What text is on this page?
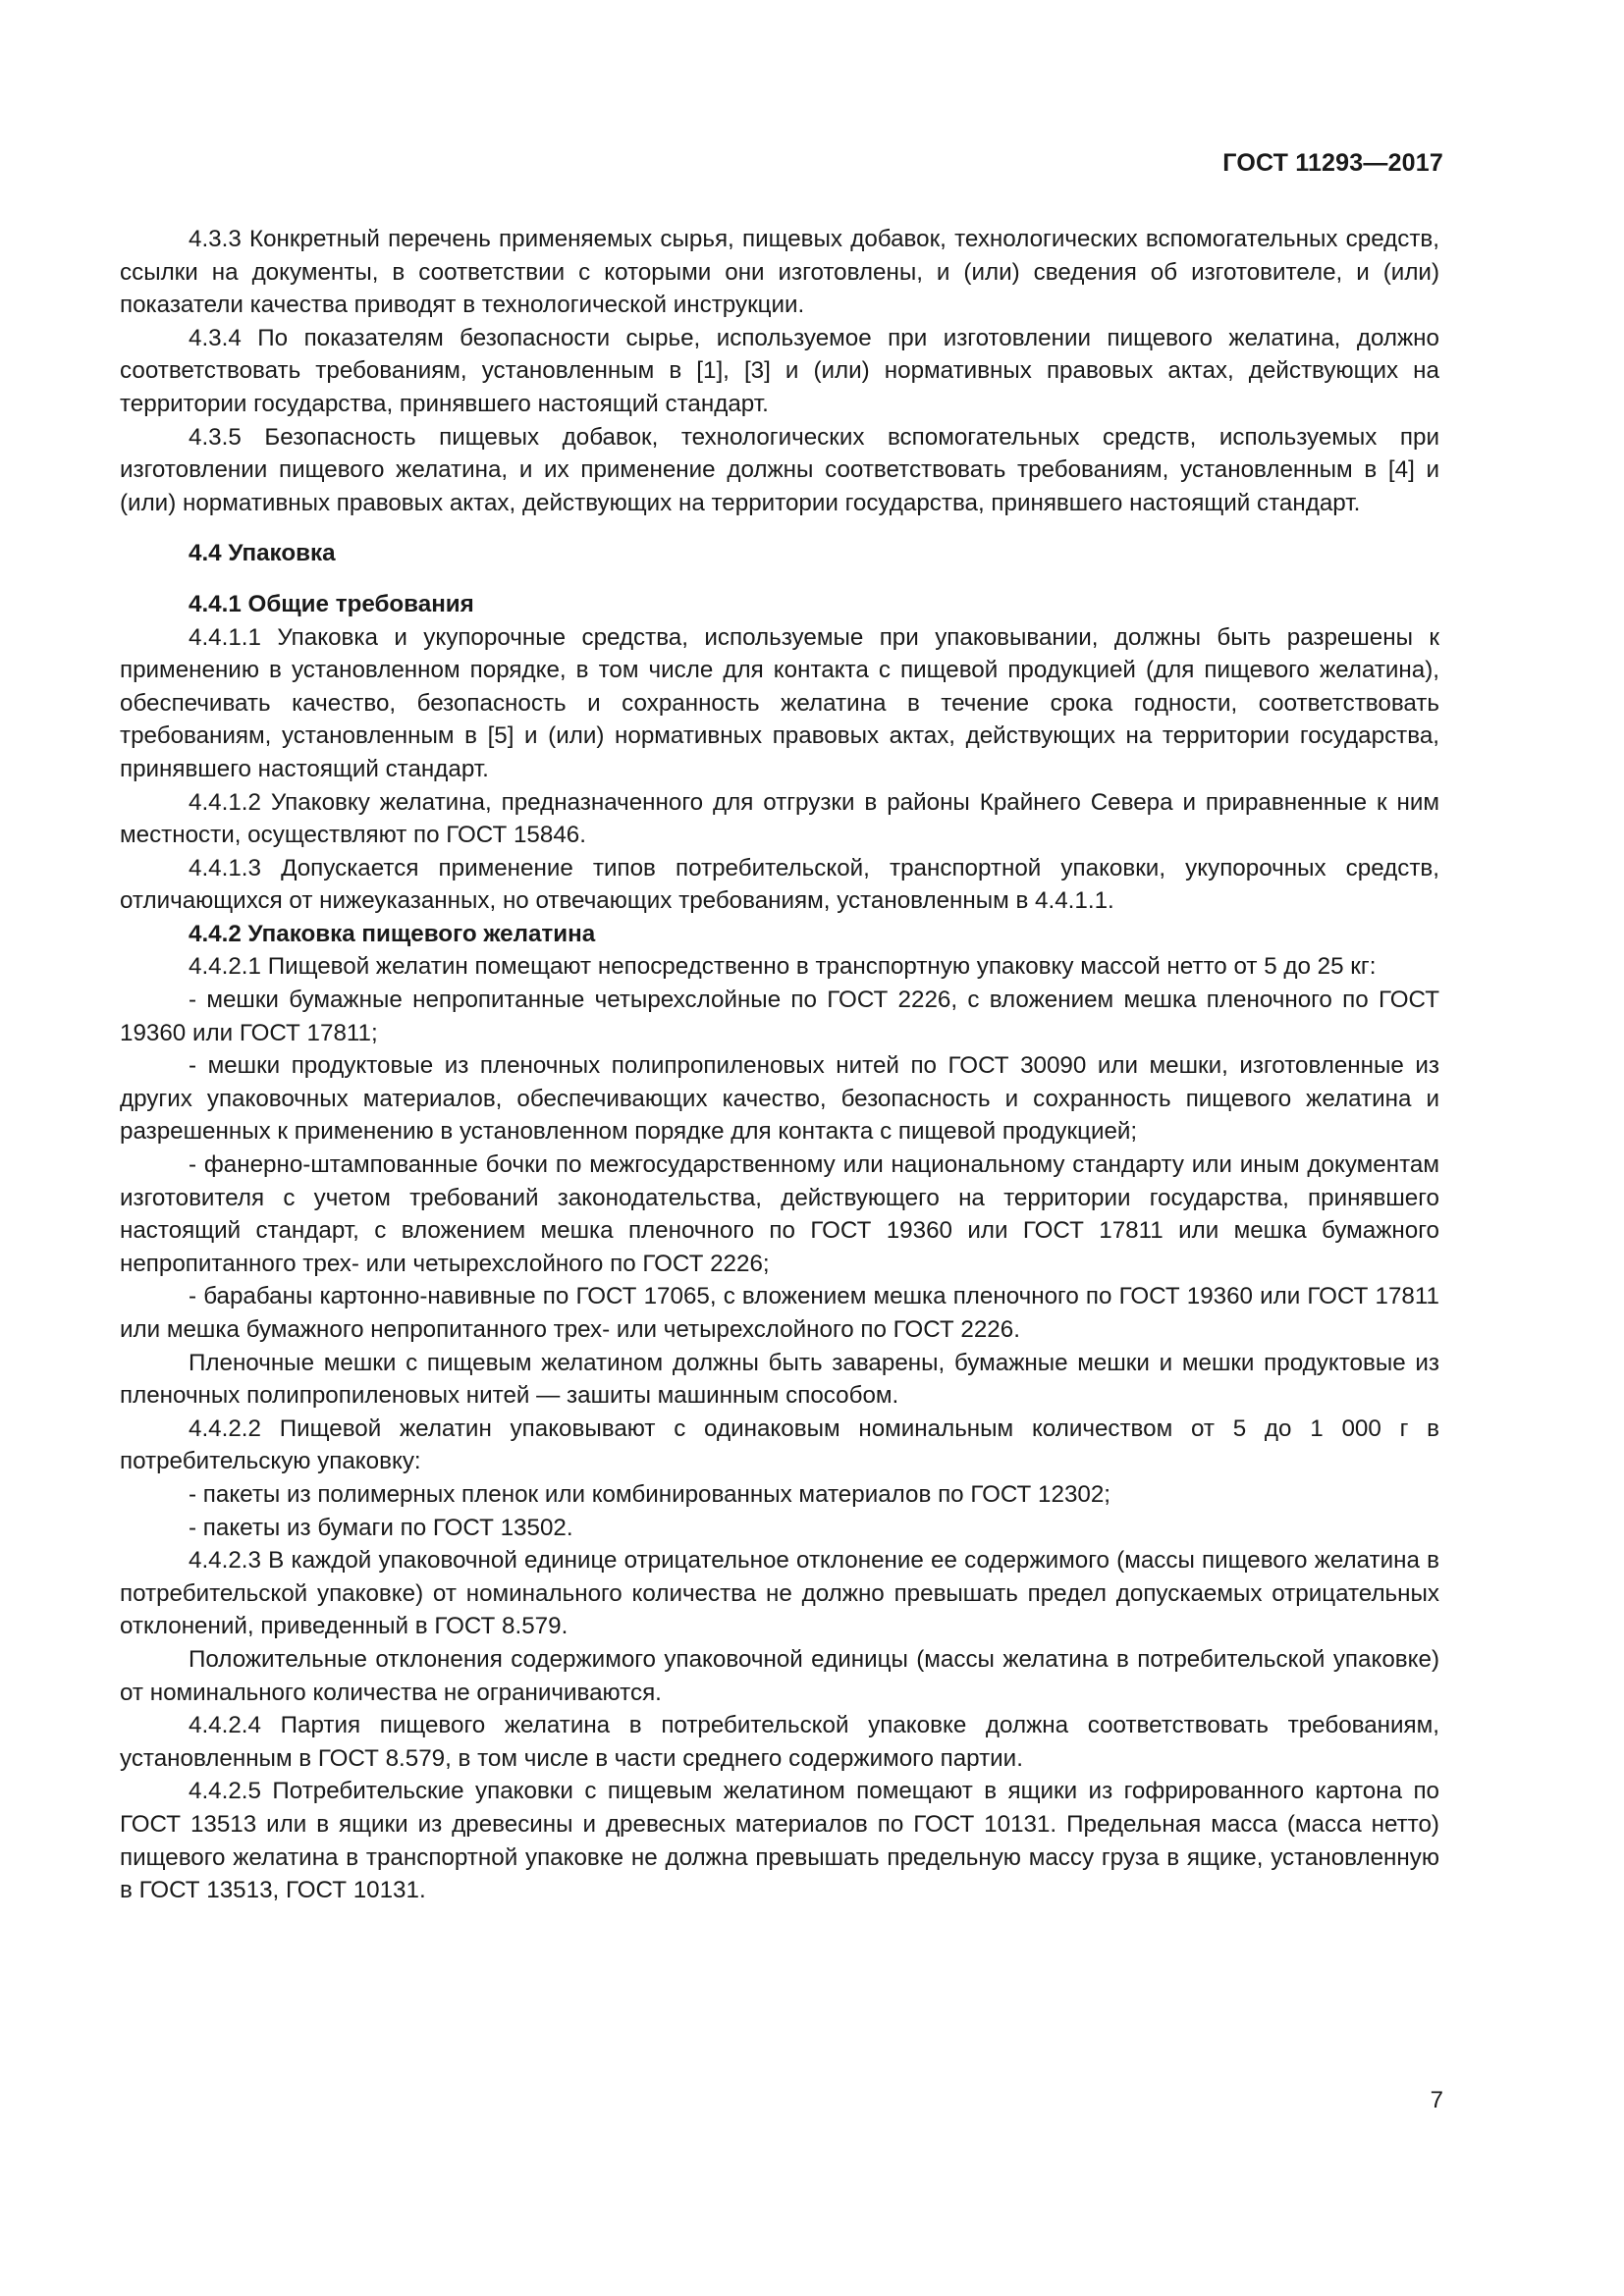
ГОСТ 11293—2017

4.3.3 Конкретный перечень применяемых сырья, пищевых добавок, технологических вспомогательных средств, ссылки на документы, в соответствии с которыми они изготовлены, и (или) сведения об изготовителе, и (или) показатели качества приводят в технологической инструкции.

4.3.4 По показателям безопасности сырье, используемое при изготовлении пищевого желатина, должно соответствовать требованиям, установленным в [1], [3] и (или) нормативных правовых актах, действующих на территории государства, принявшего настоящий стандарт.

4.3.5 Безопасность пищевых добавок, технологических вспомогательных средств, используемых при изготовлении пищевого желатина, и их применение должны соответствовать требованиям, установленным в [4] и (или) нормативных правовых актах, действующих на территории государства, принявшего настоящий стандарт.

4.4 Упаковка
4.4.1 Общие требования

4.4.1.1 Упаковка и укупорочные средства, используемые при упаковывании, должны быть разрешены к применению в установленном порядке, в том числе для контакта с пищевой продукцией (для пищевого желатина), обеспечивать качество, безопасность и сохранность желатина в течение срока годности, соответствовать требованиям, установленным в [5] и (или) нормативных правовых актах, действующих на территории государства, принявшего настоящий стандарт.

4.4.1.2 Упаковку желатина, предназначенного для отгрузки в районы Крайнего Севера и приравненные к ним местности, осуществляют по ГОСТ 15846.

4.4.1.3 Допускается применение типов потребительской, транспортной упаковки, укупорочных средств, отличающихся от нижеуказанных, но отвечающих требованиям, установленным в 4.4.1.1.

4.4.2 Упаковка пищевого желатина

4.4.2.1 Пищевой желатин помещают непосредственно в транспортную упаковку массой нетто от 5 до 25 кг:

- мешки бумажные непропитанные четырехслойные по ГОСТ 2226, с вложением мешка пленочного по ГОСТ 19360 или ГОСТ 17811;

- мешки продуктовые из пленочных полипропиленовых нитей по ГОСТ 30090 или мешки, изготовленные из других упаковочных материалов, обеспечивающих качество, безопасность и сохранность пищевого желатина и разрешенных к применению в установленном порядке для контакта с пищевой продукцией;

- фанерно-штампованные бочки по межгосударственному или национальному стандарту или иным документам изготовителя с учетом требований законодательства, действующего на территории государства, принявшего настоящий стандарт, с вложением мешка пленочного по ГОСТ 19360 или ГОСТ 17811 или мешка бумажного непропитанного трех- или четырехслойного по ГОСТ 2226;

- барабаны картонно-навивные по ГОСТ 17065, с вложением мешка пленочного по ГОСТ 19360 или ГОСТ 17811 или мешка бумажного непропитанного трех- или четырехслойного по ГОСТ 2226.

Пленочные мешки с пищевым желатином должны быть заварены, бумажные мешки и мешки продуктовые из пленочных полипропиленовых нитей — зашиты машинным способом.

4.4.2.2 Пищевой желатин упаковывают с одинаковым номинальным количеством от 5 до 1 000 г в потребительскую упаковку:

- пакеты из полимерных пленок или комбинированных материалов по ГОСТ 12302;

- пакеты из бумаги по ГОСТ 13502.

4.4.2.3 В каждой упаковочной единице отрицательное отклонение ее содержимого (массы пищевого желатина в потребительской упаковке) от номинального количества не должно превышать предел допускаемых отрицательных отклонений, приведенный в ГОСТ 8.579.

Положительные отклонения содержимого упаковочной единицы (массы желатина в потребительской упаковке) от номинального количества не ограничиваются.

4.4.2.4 Партия пищевого желатина в потребительской упаковке должна соответствовать требованиям, установленным в ГОСТ 8.579, в том числе в части среднего содержимого партии.

4.4.2.5 Потребительские упаковки с пищевым желатином помещают в ящики из гофрированного картона по ГОСТ 13513 или в ящики из древесины и древесных материалов по ГОСТ 10131. Предельная масса (масса нетто) пищевого желатина в транспортной упаковке не должна превышать предельную массу груза в ящике, установленную в ГОСТ 13513, ГОСТ 10131.

7
